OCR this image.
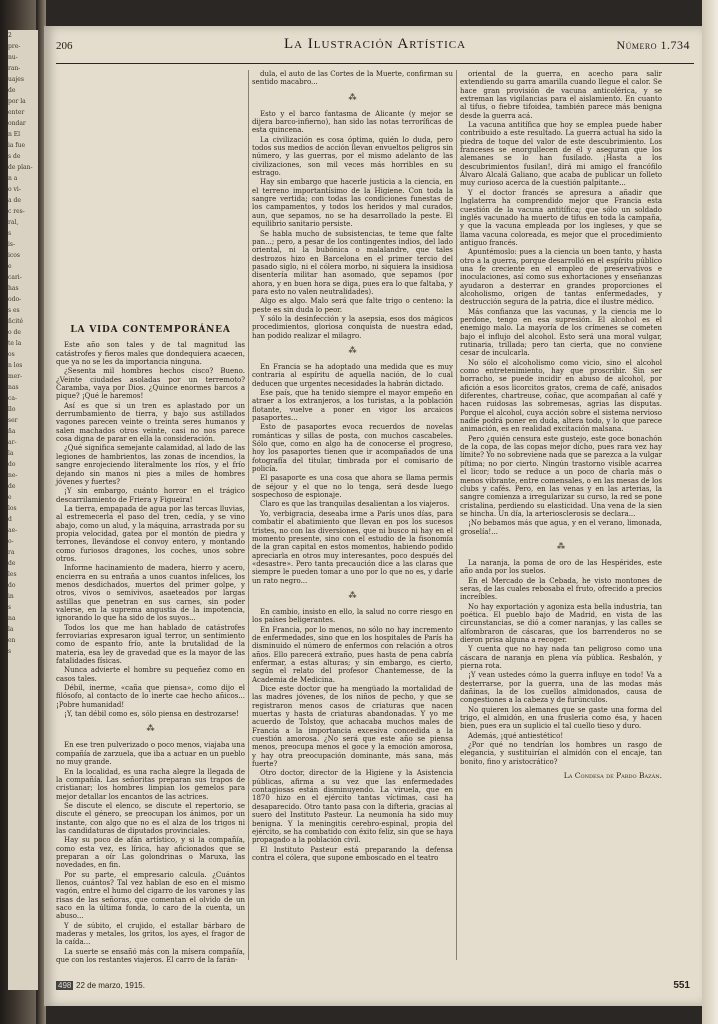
2
pre-
nu-
ran-
uajes
de
por la
enter
ondar
n El
ia fue
s de
de plan-
n a
o vi-
a de
c res-
ral,
s
is-
icos
e
cari-
has
odo-
s es
ñcité
o de
te la
os
n los
mer-
nas
ca-
llo
ser
ña
ar-
la
do
ne-
de
e
los
d
ae-
o-
ra
de
les
do
in
s
na
la
en
s
206	La Ilustración Artística	Número 1.734
LA VIDA CONTEMPORÁNEA

Este año son tales y de tal magnitud las catástrofes y fieros males que dondequiera acaecen, que ya no se les da importancia ninguna.

¿Sesenta mil hombres hechos cisco? Bueno. ¿Veinte ciudades asoladas por un terremoto? Caramba, vaya por Dios. ¿Quince enormes barcos a pique? ¡Qué le haremos!

Así es que si un tren es aplastado por un derrumbamiento de tierra, y bajo sus astillados vagones parecen veinte o treinta seres humanos y salen machados otros veinte, casi no nos parece cosa digna de parar en ella la consideración.

¿Qué significa semejante calamidad, al lado de las legiones de hambrientos, las zonas de incendios, la sangre enrojeciendo literalmente los ríos, y el frío dejando sin manos ni pies a miles de hombres jóvenes y fuertes?

¡Y sin embargo, cuánto horror en el trágico descarrilamiento de Friera y Figueira!

La tierra, empapada de agua por las tercas lluvias, al estremecerla el paso del tren, cedía, y se vino abajo, como un alud, y la máquina, arrastrada por su propia velocidad, gatea por el montón de piedra y terrones, llevándose el convoy entero, y montando como furiosos dragones, los coches, unos sobre otros.

Informe hacinamiento de madera, hierro y acero, encierra en su entraña a unos cuantos infelices, los menos desdichados, muertos del primer golpe, y otros, vivos o semivivos, asaeteados por largas astillas que penetran en sus carnes, sin poder valerse, en la suprema angustia de la impotencia, ignorando lo que ha sido de los suyos...

Todos los que me han hablado de catástrofes ferroviarias expresaron igual terror, un sentimiento como de espanto frío, ante la brutalidad de la materia, esa ley de gravedad que es la mayor de las fatalidades físicas.

Nunca advierte el hombre su pequeñez como en casos tales.

Débil, inerme, «caña que piensa», como dijo el filósofo, al contacto de lo inerte cae hecho añicos... ¡Pobre humanidad!

¡Y, tan débil como es, sólo piensa en destrozarse!

⁂

En ese tren pulverizado o poco menos, viajaba una compañía de zarzuela, que iba a actuar en un pueblo no muy grande.

En la localidad, es una racha alegre la llegada de la compañía. Las señoritas preparan sus trapos de cristianar; los hombres limpian los gemelos para mejor detallar los encantos de las actrices.

Se discute el elenco, se discute el repertorio, se discute el género, se preocupan los ánimos, por un instante, con algo que no es el alza de los trigos ni las candidaturas de diputados provinciales.

Hay su poco de afán artístico, y si la compañía, como esta vez, es lírica, hay aficionados que se preparan a oír Las golondrinas o Maruxa, las novedades, en fin.

Por su parte, el empresario calcula. ¿Cuántos llenos, cuántos? Tal vez hablan de eso en el mismo vagón, entre el humo del cigarro de los varones y las risas de las señoras, que comentan el olvido de un saco en la última fonda, lo caro de la cuenta, un abuso...

Y de súbito, el crujido, el estallar bárbaro de maderas y metales, los gritos, los ayes, el fragor de la caída...

La suerte se ensañó más con la mísera compañía, que con los restantes viajeros. El carro de la farán-

dula, el auto de las Cortes de la Muerte, confirman su sentido macabro...

⁂

Esto y el barco fantasma de Alicante (y mejor se dijera barco-infierno), han sido las notas terroríficas de esta quincena.

La civilización es cosa óptima, quién lo duda, pero todos sus medios de acción llevan envueltos peligros sin número, y las guerras, por el mismo adelanto de las civilizaciones, son mil veces más horribles en su estrago.

Hay sin embargo que hacerle justicia a la ciencia, en el terreno importantísimo de la Higiene. Con toda la sangre vertida; con todas las condiciones funestas de los campamentos, y todos los heridos y mal curados, aun, que sepamos, no se ha desarrollado la peste. El equilibrio sanitario persiste.

Se habla mucho de subsistencias, te teme que falte pan...; pero, a pesar de los contingentes indios, del lado oriental, ni la bubónica o malalandre, que tales destrozos hizo en Barcelona en el primer tercio del pasado siglo, ni el cólera morbo, ni siquiera la insidiosa disentería militar han asomado, que sepamos (por ahora, y en buen hora se diga, pues era lo que faltaba, y para esto no valen neutralidades).

Algo es algo. Malo será que falte trigo o centeno: la peste es sin duda lo peor.

Y sólo la desinfección y la asepsia, esos dos mágicos procedimientos, gloriosa conquista de nuestra edad, han podido realizar el milagro.

⁂

En Francia se ha adoptado una medida que es muy contraria al espíritu de aquella nación, de lo cual deducen que urgentes necesidades la habrán dictado.

Ese país, que ha tenido siempre el mayor empeño en atraer a los extranjeros, a los turistas, a la población flotante, vuelve a poner en vigor los arcaicos pasaportes...

Esto de pasaportes evoca recuerdos de novelas románticas y sillas de posta, con muchos cascabeles. Sólo que, como en algo ha de conocerse el progreso, hoy los pasaportes tienen que ir acompañados de una fotografía del titular, timbrada por el comisario de policía.

El pasaporte es una cosa que ahora se llama permis de séjour y el que no lo tenga, será desde luego sospechoso de espionaje.

Claro es que las tranquilas desalientan a los viajeros.

Yo, verbigracia, deseaba irme a París unos días, para combatir el abatimiento que llevan en pos los sucesos tristes, no con las diversiones, que ni busco ni hay en el momento presente, sino con el estudio de la fisonomía de la gran capital en estos momentos, habiendo podido apreciarla en otros muy interesantes, poco después del «desastre». Pero tanta precaución dice a las claras que siempre le pueden tomar a uno por lo que no es, y darle un rato negro...

⁂

En cambio, insisto en ello, la salud no corre riesgo en los países beligerantes.

En Francia, por lo menos, no sólo no hay incremento de enfermedades, sino que en los hospitales de París ha disminuido el número de enfermos con relación a otros años. Ello parecerá extraño, pues hasta de pena cabría enfermar, a estas alturas; y sin embargo, es cierto, según el relato del profesor Chantemesse, de la Academia de Medicina.

Dice este doctor que ha mengüado la mortalidad de las madres jóvenes, de los niños de pecho, y que se registraron menos casos de criaturas que nacen muertas y hasta de criaturas abandonadas. Y yo me acuerdo de Tolstoy, que achacaba muchos males de Francia a la importancia excesiva concedida a la cuestión amorosa. ¿No será que este año se piensa menos, preocupa menos el goce y la emoción amorosa, y hay otra preocupación dominante, más sana, más fuerte?

Otro doctor, director de la Higiene y la Asistencia públicas, afirma a su vez que las enfermedades contagiosas están disminuyendo. La viruela, que en 1870 hizo en el ejército tantas víctimas, casi ha desaparecido. Otro tanto pasa con la difteria, gracias al suero del Instituto Pasteur. La neumonía ha sido muy benigna. Y la meningitis cerebro-espinal, propia del ejército, se ha combatido con éxito feliz, sin que se haya propagado a la población civil.

El Instituto Pasteur está preparando la defensa contra el cólera, que supone emboscado en el teatro

oriental de la guerra, en acecho para salir extendiendo su garra amarilla cuando llegue el calor. Se hace gran provisión de vacuna anticolérica, y se extreman las vigilancias para el aislamiento. En cuanto al tifus, o fiebre tifoidea, también parece más benigna desde la guerra acá.

La vacuna antitífica que hoy se emplea puede haber contribuido a este resultado. La guerra actual ha sido la piedra de toque del valor de este descubrimiento. Los franceses se enorgullecen de él y aseguran que los alemanes se lo han fusilado. ¡Hasta a los descubrimientos fusilan!, dirá mi amigo el francófilo Álvaro Alcalá Galiano, que acaba de publicar un folleto muy curioso acerca de la cuestión palpitante...

Y el doctor francés se apresura a añadir que Inglaterra ha comprendido mejor que Francia esta cuestión de la vacuna antitífica; que sólo un soldado inglés vacunado ha muerto de tifus en toda la campaña, y que la vacuna empleada por los ingleses, y que se llama vacuna coloreada, es mejor que el procedimiento antiguo francés.

Apuntémoslo: pues a la ciencia un boen tanto, y hasta otro a la guerra, porque desarrolló en el espíritu público una fe creciente en el empleo de preservativos e inoculaciones, así como sus exhortaciones y enseñanzas ayudaron a desterrar en grandes proporciones el alcoholismo, origen de tantas enfermedades, y destrucción segura de la patria, dice el ilustre médico.

Más confianza que las vacunas, y la ciencia me lo perdone, tengo en esa supresión. El alcohol es el enemigo malo. La mayoría de los crímenes se cometen bajo el influjo del alcohol. Esto será una moral vulgar, rutinaria, trillada; pero tan cierta, que no conviene cesar de inculcarla.

No sólo el alcoholismo como vicio, sino el alcohol como entretenimiento, hay que proscribir. Sin ser borracho, se puede incidir en abuso de alcohol, por afición a esos licorcitos gratos, crema de café, anisados diferentes, chartreuse, coñac, que acompañan al café y hacen ruidosas las sobremesas, agrias las disputas. Porque el alcohol, cuya acción sobre el sistema nervioso nadie podrá poner en duda, altera todo, y lo que parece animación, es en realidad excitación malsana.

Pero ¿quién censura este gustejo, este goce bonachón de la copa, de las copas mejor dicho, pues rara vez hay límite? Yo no sobreviene nada que se parezca a la vulgar pítima; no por cierto. Ningún trastorno visible acarrea el licor; todo se reduce a un poco de charla más o menos vibrante, entre comensales, o en las mesas de los clubs y cafés. Pero, en las venas y en las arterias, la sangre comienza a irregularizar su curso, la red se pone cristalina, perdiendo su elasticidad. Una vena de la sien se hincha. Un día, la arteriosclerosis se declara...

¡No bebamos más que agua, y en el verano, limonada, groselía!...

⁂

La naranja, la poma de oro de las Hespérides, este año anda por los suelos.

En el Mercado de la Cebada, he visto montones de seras, de las cuales rebosaba el fruto, ofrecido a precios increíbles.

No hay exportación y agoniza esta bella industria, tan poética. El pueblo bajo de Madrid, en vista de las circunstancias, se dió a comer naranjas, y las calles se alfombraron de cáscaras, que los barrenderos no se dieron prisa alguna a recoger.

Y cuenta que no hay nada tan peligroso como una cáscara de naranja en plena vía pública. Resbalón, y pierna rota.

¡Y vean ustedes cómo la guerra influye en todo! Va a desterrarse, por la guerra, una de las modas más dañinas, la de los cuellos almidonados, causa de congestiones a la cabeza y de furúnculos.

No quieren los alemanes que se gaste una forma del trigo, el almidón, en una frusleria como ésa, y hacen bien, pues era un suplicio el tal cuello tieso y duro.

Además, ¡qué antiestético!

¿Por qué no tendrían los hombres un rasgo de elegancia, y sustituirían el almidón con el encaje, tan bonito, fino y aristocrático?

La Condesa de Pardo Bazán.
498 22 de marzo, 1915.	551
